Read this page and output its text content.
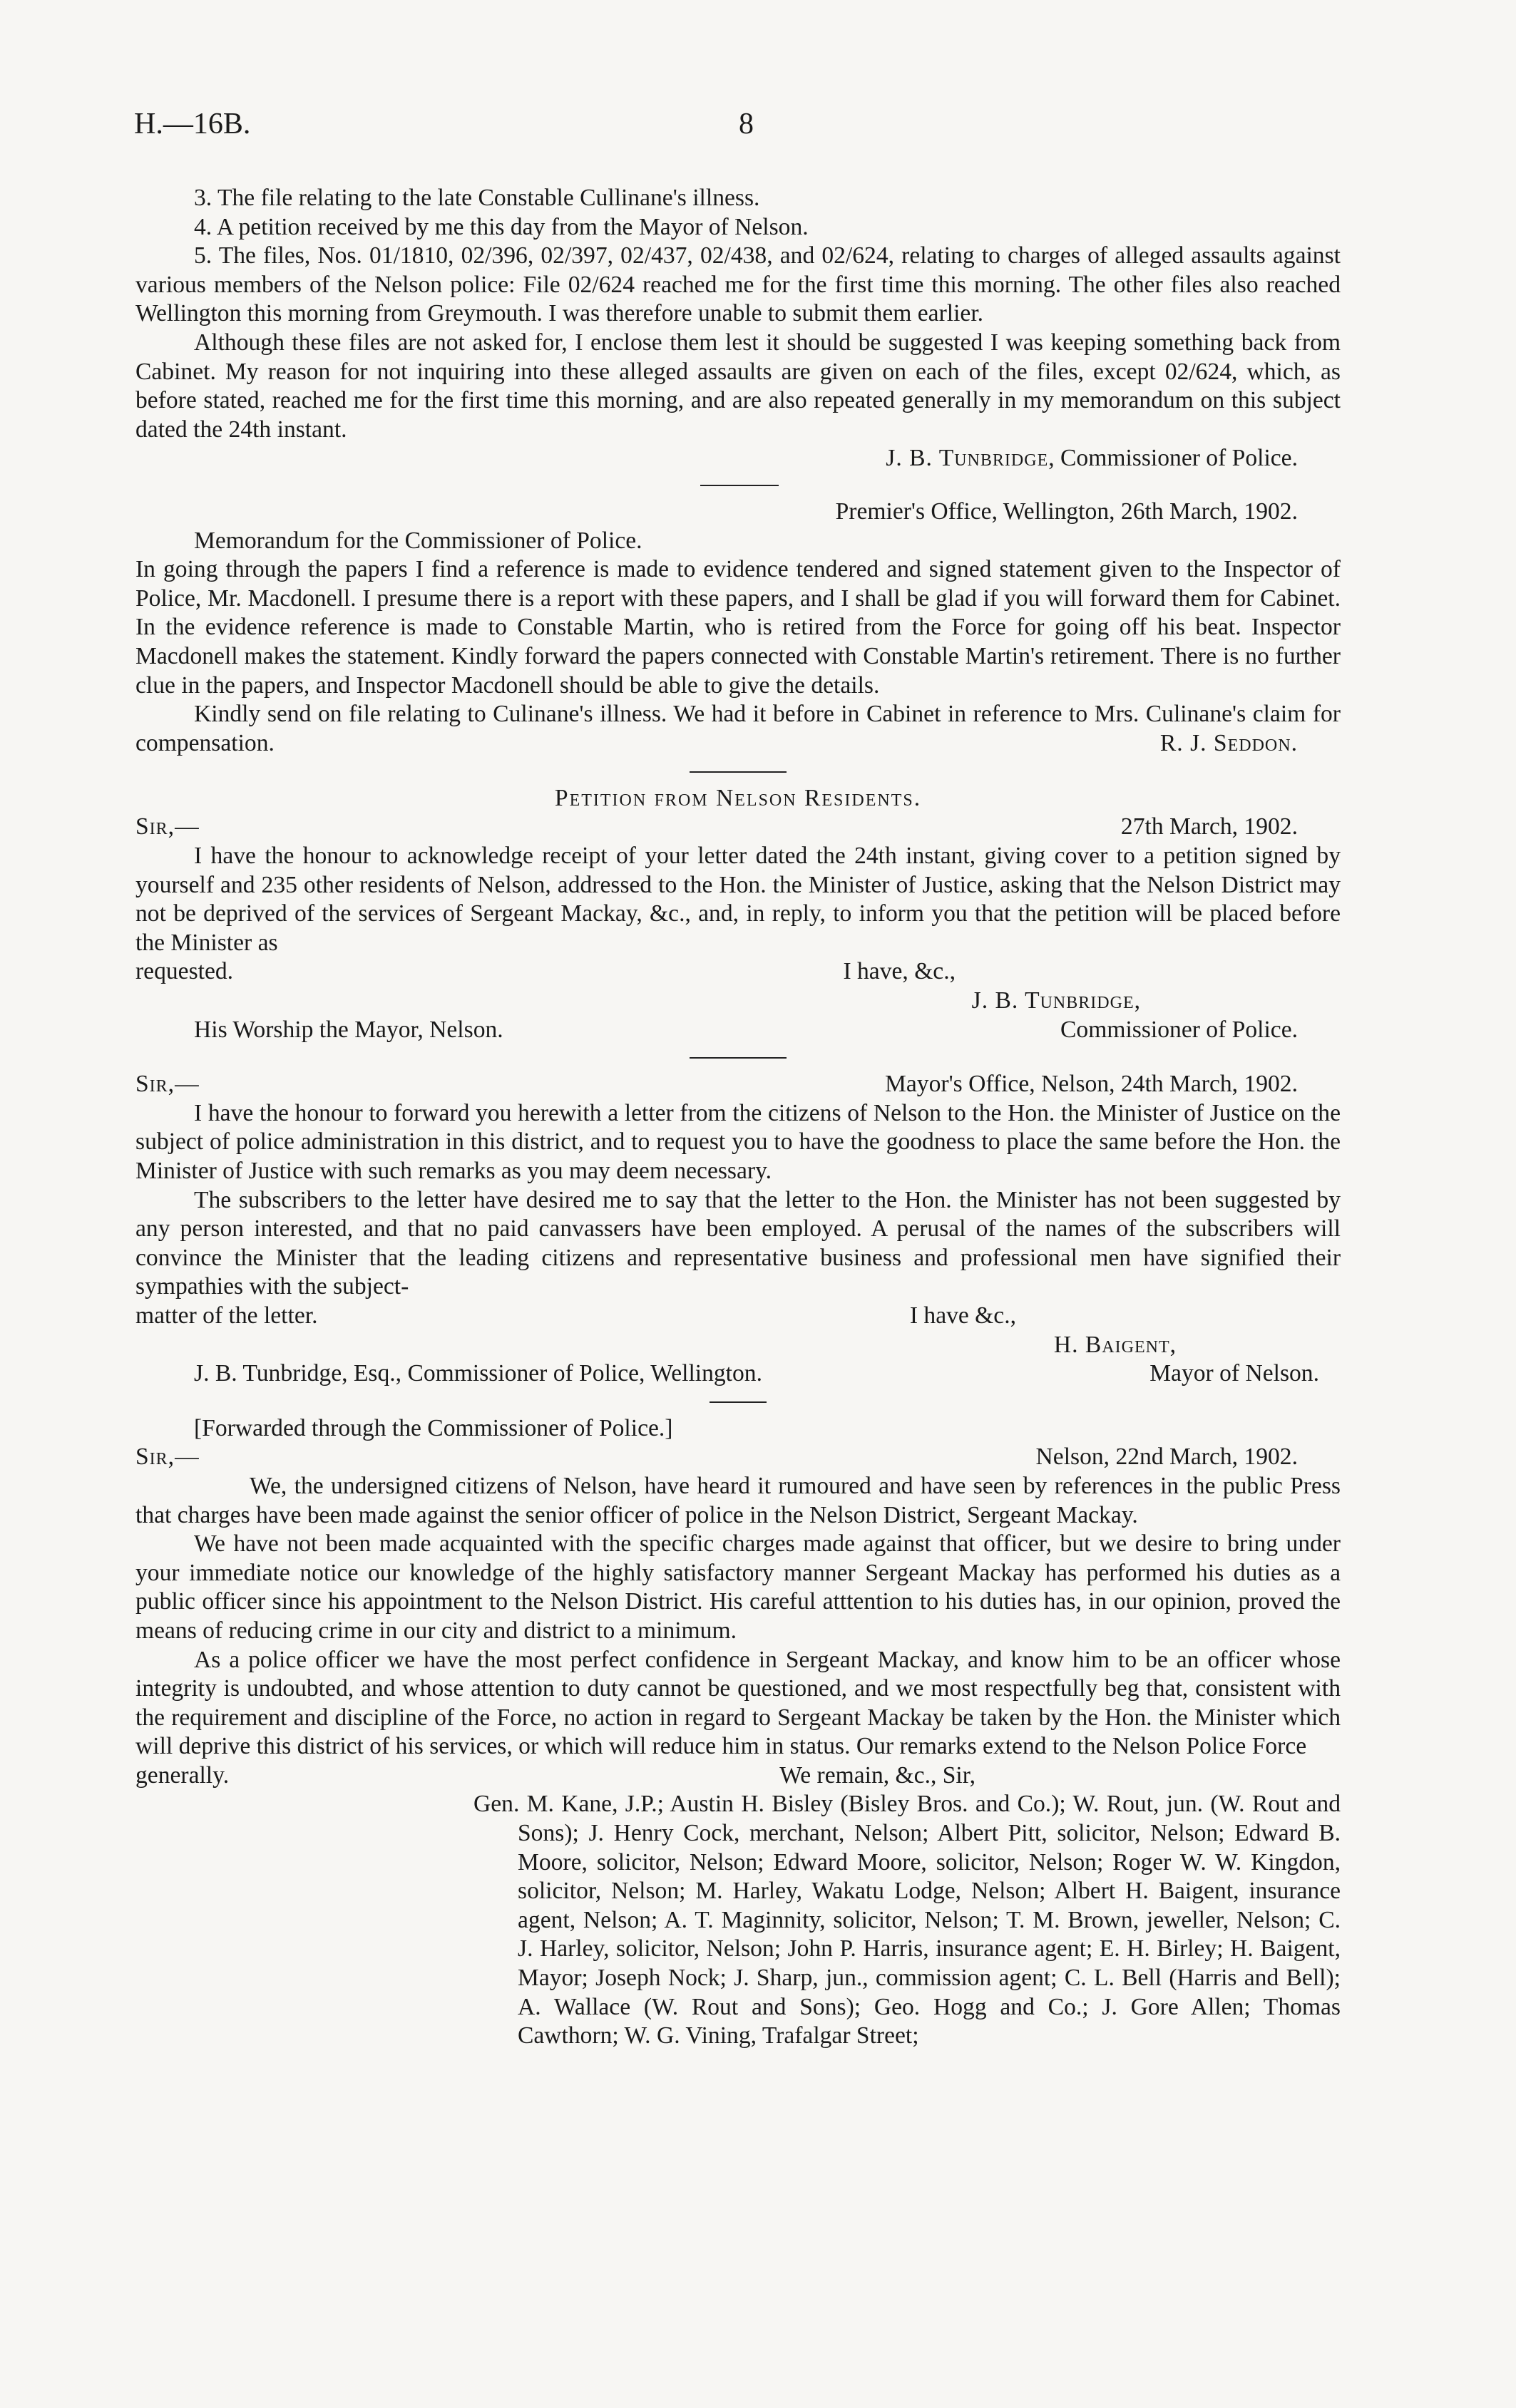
H.—16B.	8

3. The file relating to the late Constable Cullinane's illness.

4. A petition received by me this day from the Mayor of Nelson.

5. The files, Nos. 01/1810, 02/396, 02/397, 02/437, 02/438, and 02/624, relating to charges of alleged assaults against various members of the Nelson police: File 02/624 reached me for the first time this morning. The other files also reached Wellington this morning from Greymouth. I was therefore unable to submit them earlier.

Although these files are not asked for, I enclose them lest it should be suggested I was keeping something back from Cabinet. My reason for not inquiring into these alleged assaults are given on each of the files, except 02/624, which, as before stated, reached me for the first time this morning, and are also repeated generally in my memorandum on this subject dated the 24th instant.

J. B. Tunbridge, Commissioner of Police.

Premier's Office, Wellington, 26th March, 1902.

Memorandum for the Commissioner of Police.

In going through the papers I find a reference is made to evidence tendered and signed statement given to the Inspector of Police, Mr. Macdonell. I presume there is a report with these papers, and I shall be glad if you will forward them for Cabinet. In the evidence reference is made to Constable Martin, who is retired from the Force for going off his beat. Inspector Macdonell makes the statement. Kindly forward the papers connected with Constable Martin's retirement. There is no further clue in the papers, and Inspector Macdonell should be able to give the details.

Kindly send on file relating to Culinane's illness. We had it before in Cabinet in reference to Mrs. Culinane's claim for compensation.	R. J. Seddon.

Petition from Nelson Residents.

Sir,—	27th March, 1902.

I have the honour to acknowledge receipt of your letter dated the 24th instant, giving cover to a petition signed by yourself and 235 other residents of Nelson, addressed to the Hon. the Minister of Justice, asking that the Nelson District may not be deprived of the services of Sergeant Mackay, &c., and, in reply, to inform you that the petition will be placed before the Minister as

requested.	I have, &c.,

J. B. Tunbridge,

His Worship the Mayor, Nelson.	Commissioner of Police.
Sir,—	Mayor's Office, Nelson, 24th March, 1902.

I have the honour to forward you herewith a letter from the citizens of Nelson to the Hon. the Minister of Justice on the subject of police administration in this district, and to request you to have the goodness to place the same before the Hon. the Minister of Justice with such remarks as you may deem necessary.

The subscribers to the letter have desired me to say that the letter to the Hon. the Minister has not been suggested by any person interested, and that no paid canvassers have been employed. A perusal of the names of the subscribers will convince the Minister that the leading citizens and representative business and professional men have signified their sympathies with the subject-

matter of the letter.	I have &c.,

H. Baigent,

J. B. Tunbridge, Esq., Commissioner of Police, Wellington.	Mayor of Nelson.

[Forwarded through the Commissioner of Police.]

Sir,—	Nelson, 22nd March, 1902.

We, the undersigned citizens of Nelson, have heard it rumoured and have seen by references in the public Press that charges have been made against the senior officer of police in the Nelson District, Sergeant Mackay.

We have not been made acquainted with the specific charges made against that officer, but we desire to bring under your immediate notice our knowledge of the highly satisfactory manner Sergeant Mackay has performed his duties as a public officer since his appointment to the Nelson District. His careful atttention to his duties has, in our opinion, proved the means of reducing crime in our city and district to a minimum.

As a police officer we have the most perfect confidence in Sergeant Mackay, and know him to be an officer whose integrity is undoubted, and whose attention to duty cannot be questioned, and we most respectfully beg that, consistent with the requirement and discipline of the Force, no action in regard to Sergeant Mackay be taken by the Hon. the Minister which will deprive this district of his services, or which will reduce him in status. Our remarks extend to the Nelson Police Force

generally.	We remain, &c., Sir,

Gen. M. Kane, J.P.; Austin H. Bisley (Bisley Bros. and Co.); W. Rout, jun. (W. Rout and Sons); J. Henry Cock, merchant, Nelson; Albert Pitt, solicitor, Nelson; Edward B. Moore, solicitor, Nelson; Edward Moore, solicitor, Nelson; Roger W. W. Kingdon, solicitor, Nelson; M. Harley, Wakatu Lodge, Nelson; Albert H. Baigent, insurance agent, Nelson; A. T. Maginnity, solicitor, Nelson; T. M. Brown, jeweller, Nelson; C. J. Harley, solicitor, Nelson; John P. Harris, insurance agent; E. H. Birley; H. Baigent, Mayor; Joseph Nock; J. Sharp, jun., commission agent; C. L. Bell (Harris and Bell); A. Wallace (W. Rout and Sons); Geo. Hogg and Co.; J. Gore Allen; Thomas Cawthorn; W. G. Vining, Trafalgar Street;
